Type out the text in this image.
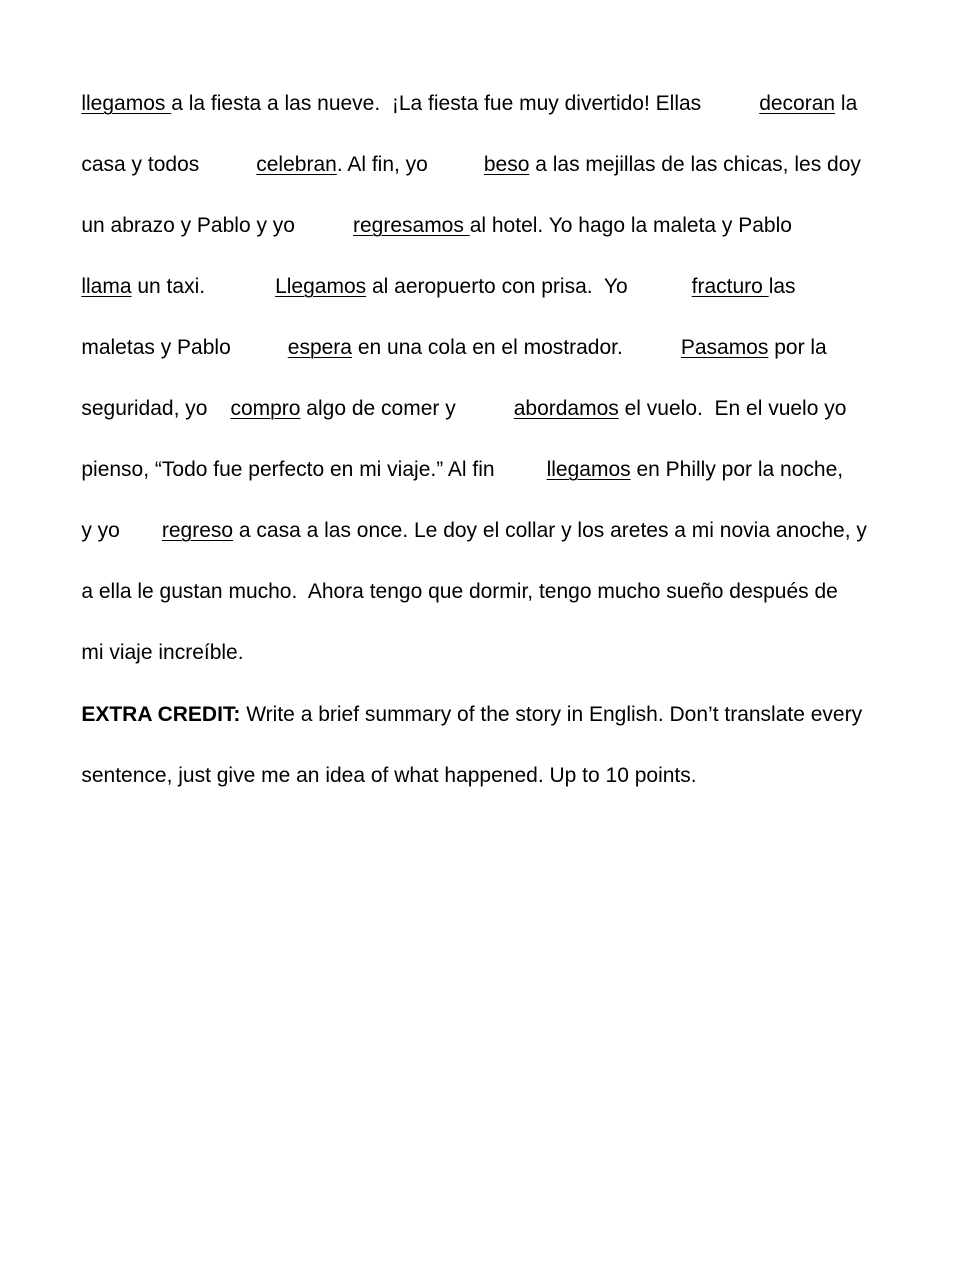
llegamos a la fiesta a las nueve.  ¡La fiesta fue muy divertido! Ellas	decoran la

casa y todos	celebran. Al fin, yo	beso a las mejillas de las chicas, les doy

un abrazo y Pablo y yo	regresamos al hotel. Yo hago la maleta y Pablo

llama un taxi.	Llegamos al aeropuerto con prisa.  Yo	fracturo las

maletas y Pablo	espera en una cola en el mostrador.	Pasamos por la

seguridad, yo compro algo de comer y	abordamos el vuelo.  En el vuelo yo

pienso, “Todo fue perfecto en mi viaje.” Al fin llegamos en Philly por la noche,

y yo regreso a casa a las once. Le doy el collar y los aretes a mi novia anoche, y

a ella le gustan mucho.  Ahora tengo que dormir, tengo mucho sueño después de

mi viaje increíble.

EXTRA CREDIT: Write a brief summary of the story in English. Don’t translate every

sentence, just give me an idea of what happened. Up to 10 points.
